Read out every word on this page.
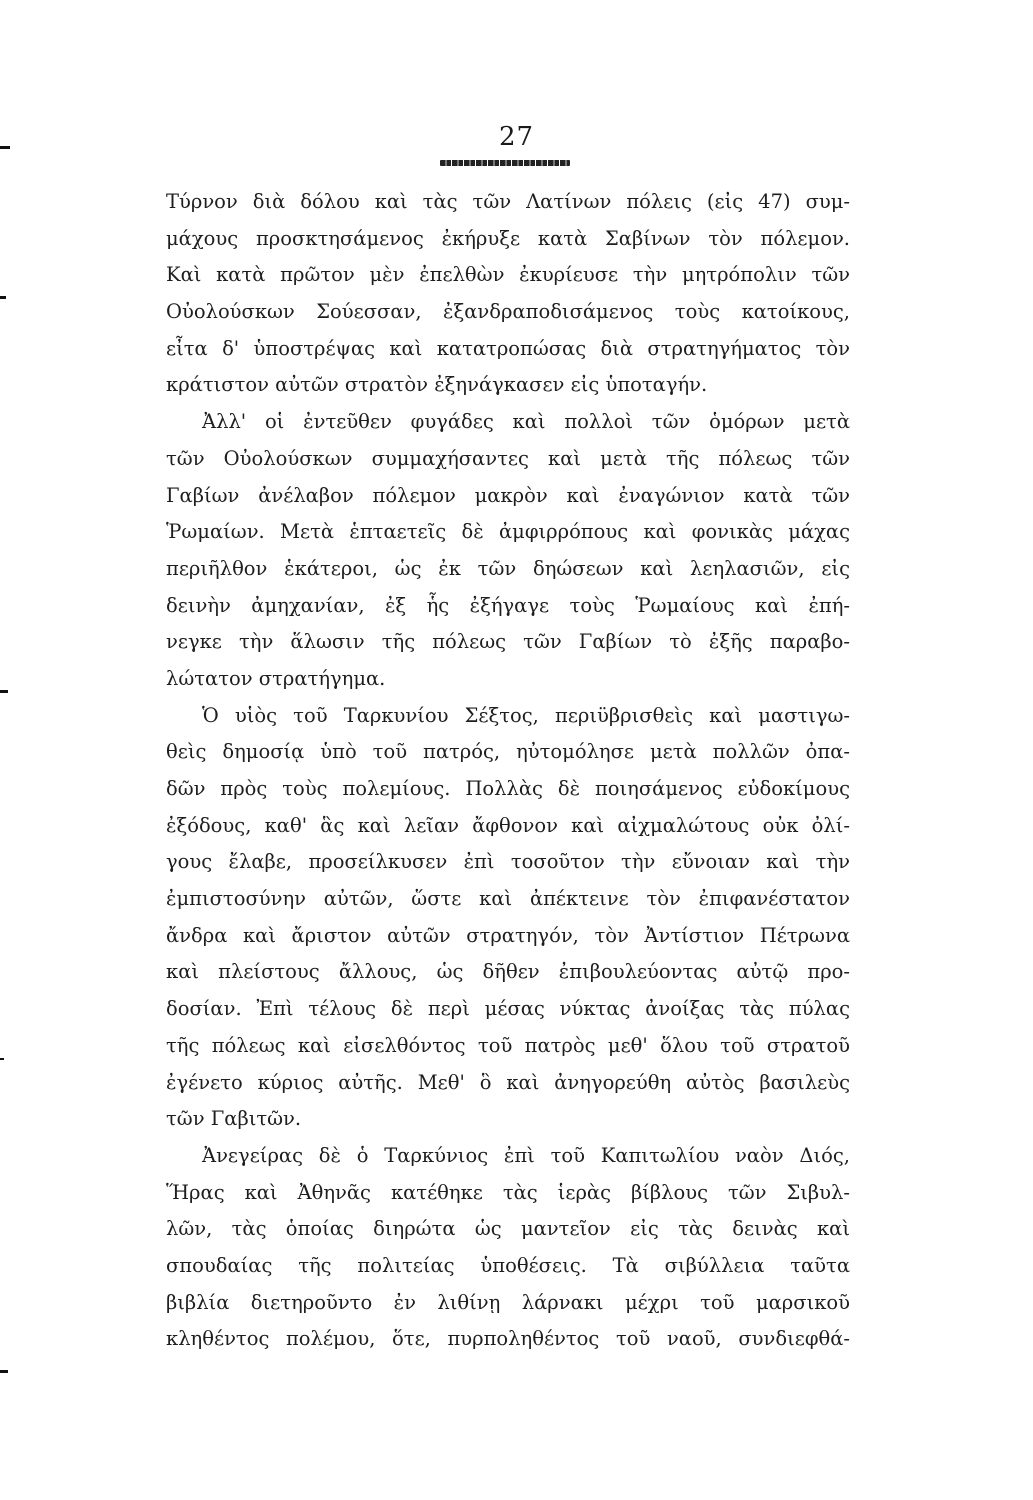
27
Τύρνον διὰ δόλου καὶ τὰς τῶν Λατίνων πόλεις (εἰς 47) συμ-
μάχους προσκτησάμενος ἐκήρυξε κατὰ Σαβίνων τὸν πόλεμον.
Καὶ κατὰ πρῶτον μὲν ἐπελθὼν ἐκυρίευσε τὴν μητρόπολιν τῶν
Οὐολούσκων Σούεσσαν, ἐξανδραποδισάμενος τοὺς κατοίκους,
εἶτα δ' ὑποστρέψας καὶ κατατροπώσας διὰ στρατηγήματος τὸν
κράτιστον αὐτῶν στρατὸν ἐξηνάγκασεν εἰς ὑποταγήν.
Ἀλλ' οἱ ἐντεῦθεν φυγάδες καὶ πολλοὶ τῶν ὁμόρων μετὰ
τῶν Οὐολούσκων συμμαχήσαντες καὶ μετὰ τῆς πόλεως τῶν
Γαβίων ἀνέλαβον πόλεμον μακρὸν καὶ ἐναγώνιον κατὰ τῶν
Ῥωμαίων. Μετὰ ἑπταετεῖς δὲ ἀμφιρρόπους καὶ φονικὰς μάχας
περιῆλθον ἑκάτεροι, ὡς ἐκ τῶν δηώσεων καὶ λεηλασιῶν, εἰς
δεινὴν ἀμηχανίαν, ἐξ ἧς ἐξήγαγε τοὺς Ῥωμαίους καὶ ἐπή-
νεγκε τὴν ἅλωσιν τῆς πόλεως τῶν Γαβίων τὸ ἐξῆς παραβο-
λώτατον στρατήγημα.
Ὁ υἱὸς τοῦ Ταρκυνίου Σέξτος, περιϋβρισθεὶς καὶ μαστιγω-
θεὶς δημοσίᾳ ὑπὸ τοῦ πατρός, ηὐτομόλησε μετὰ πολλῶν ὀπα-
δῶν πρὸς τοὺς πολεμίους. Πολλὰς δὲ ποιησάμενος εὐδοκίμους
ἐξόδους, καθ' ἃς καὶ λεῖαν ἄφθονον καὶ αἰχμαλώτους οὐκ ὀλί-
γους ἔλαβε, προσείλκυσεν ἐπὶ τοσοῦτον τὴν εὔνοιαν καὶ τὴν
ἐμπιστοσύνην αὐτῶν, ὥστε καὶ ἀπέκτεινε τὸν ἐπιφανέστατον
ἄνδρα καὶ ἄριστον αὐτῶν στρατηγόν, τὸν Ἀντίστιον Πέτρωνα
καὶ πλείστους ἄλλους, ὡς δῆθεν ἐπιβουλεύοντας αὐτῷ προ-
δοσίαν. Ἐπὶ τέλους δὲ περὶ μέσας νύκτας ἀνοίξας τὰς πύλας
τῆς πόλεως καὶ εἰσελθόντος τοῦ πατρὸς μεθ' ὅλου τοῦ στρατοῦ
ἐγένετο κύριος αὐτῆς. Μεθ' ὃ καὶ ἀνηγορεύθη αὐτὸς βασιλεὺς
τῶν Γαβιτῶν.
Ἀνεγείρας δὲ ὁ Ταρκύνιος ἐπὶ τοῦ Καπιτωλίου ναὸν Διός,
Ἥρας καὶ Ἀθηνᾶς κατέθηκε τὰς ἱερὰς βίβλους τῶν Σιβυλ-
λῶν, τὰς ὁποίας διηρώτα ὡς μαντεῖον εἰς τὰς δεινὰς καὶ
σπουδαίας τῆς πολιτείας ὑποθέσεις. Τὰ σιβύλλεια ταῦτα
βιβλία διετηροῦντο ἐν λιθίνῃ λάρνακι μέχρι τοῦ μαρσικοῦ
κληθέντος πολέμου, ὅτε, πυρποληθέντος τοῦ ναοῦ, συνδιεφθά-
